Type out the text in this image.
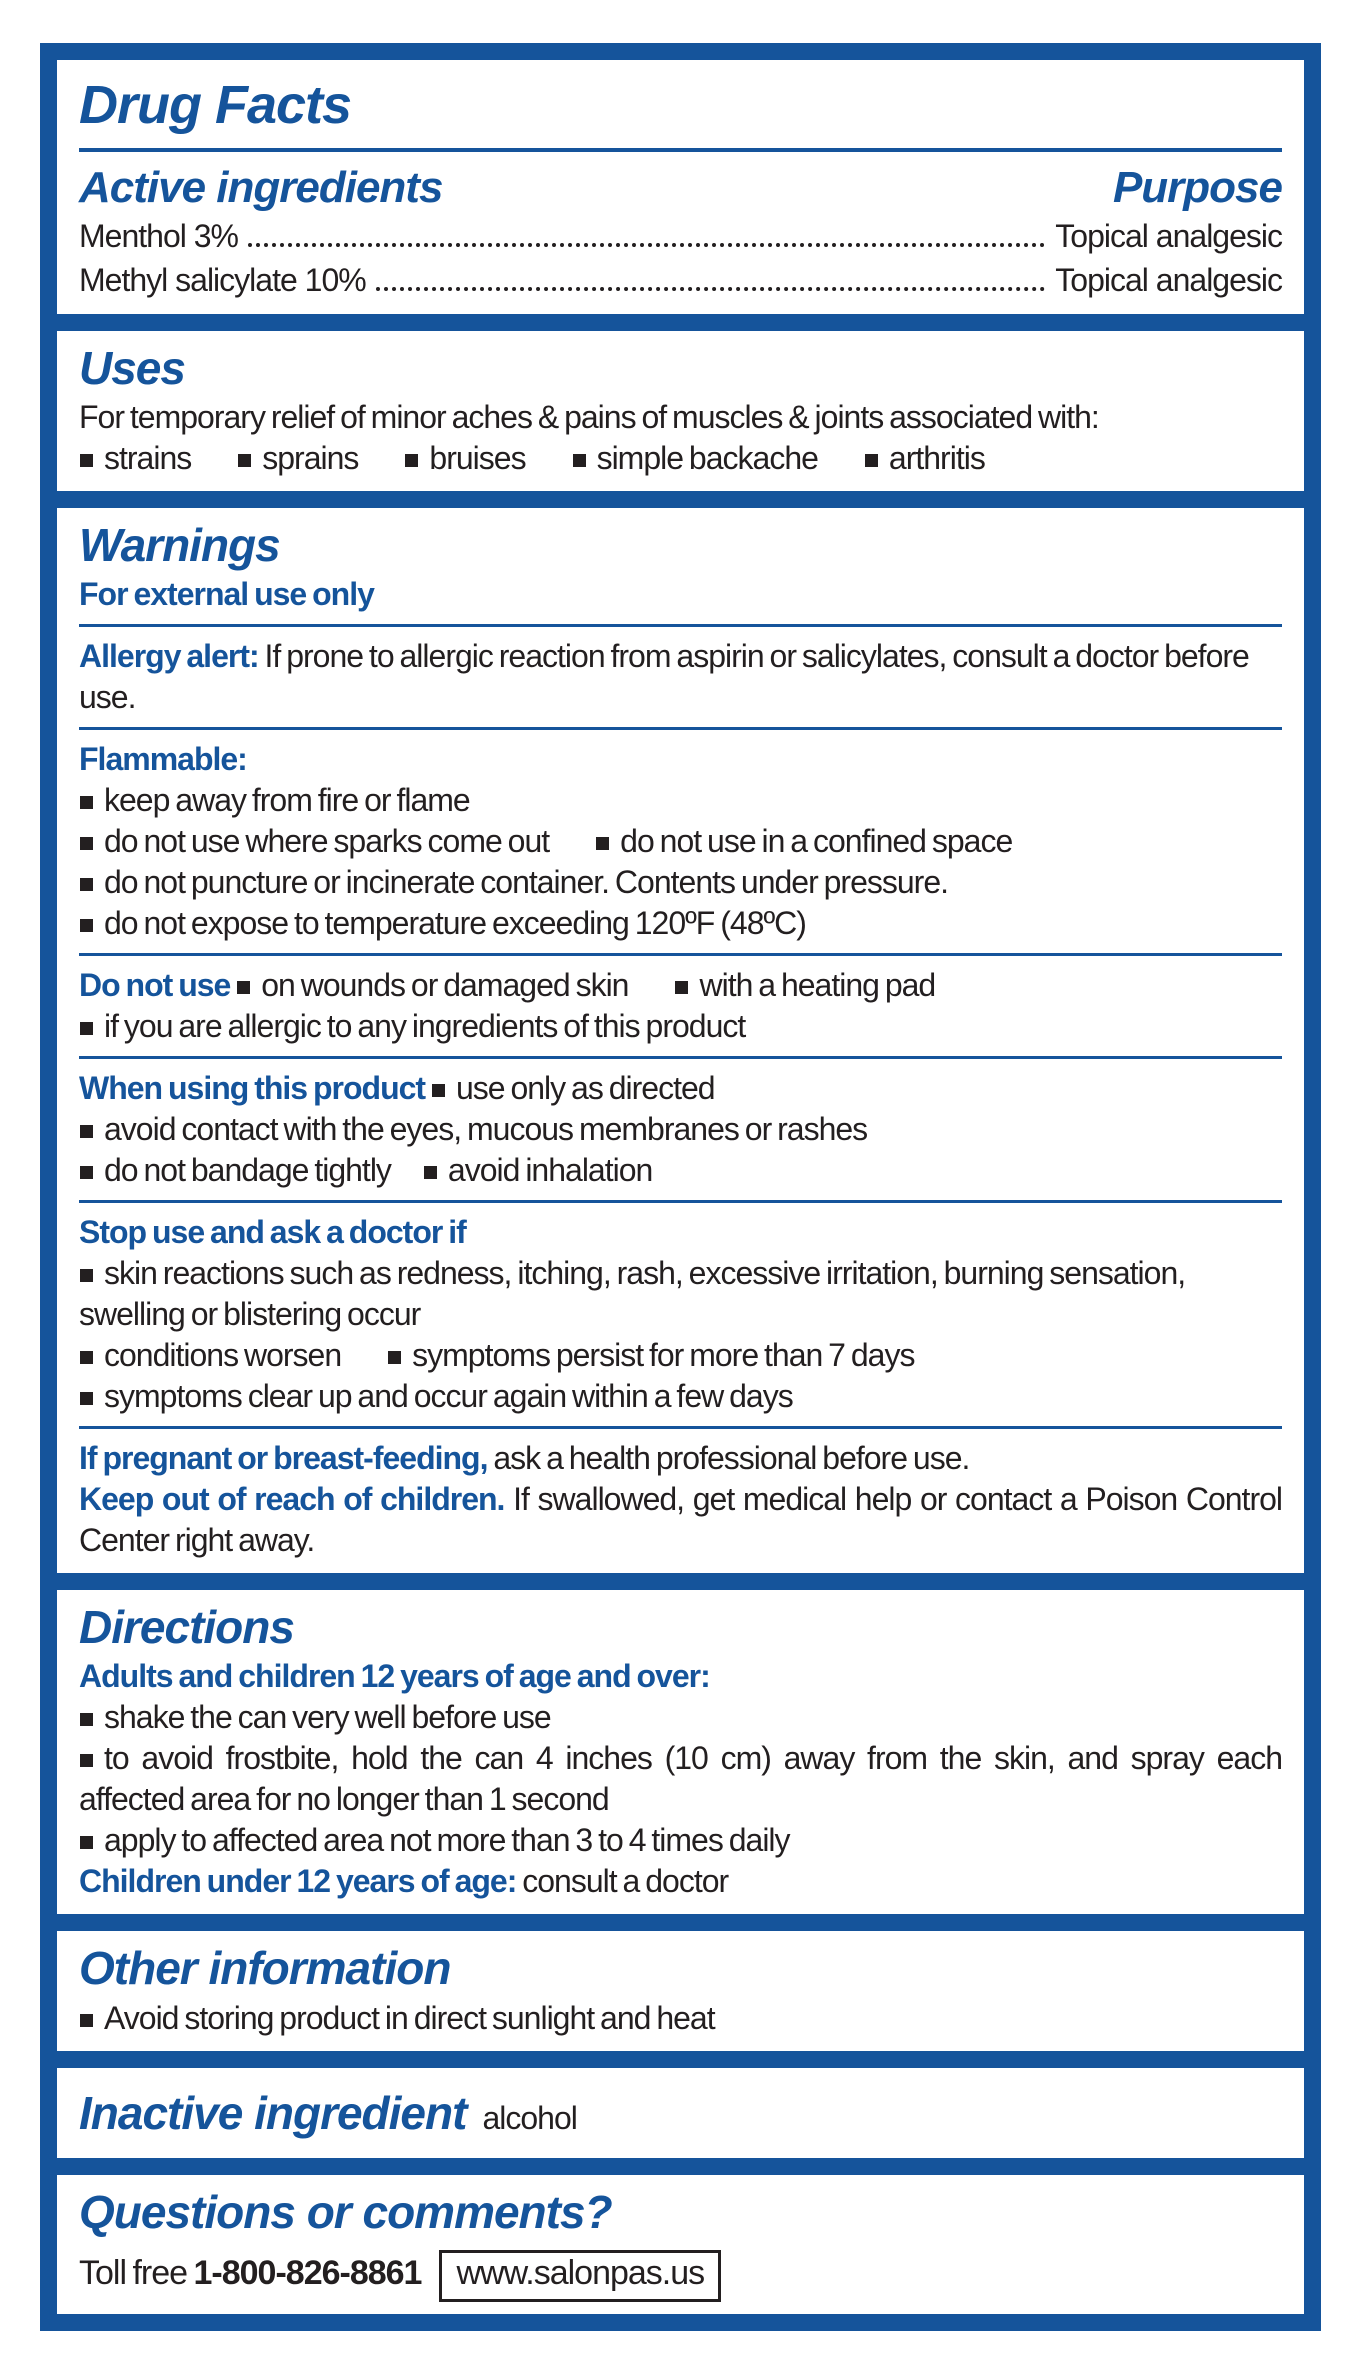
Drug Facts
Active ingredients	Purpose
Menthol 3%	Topical analgesic
Methyl salicylate 10%	Topical analgesic
Uses

For temporary relief of minor aches & pains of muscles & joints associated with:

strains sprains bruises simple backache arthritis

Warnings

For external use only

Allergy alert: If prone to allergic reaction from aspirin or salicylates, consult a doctor before use.

Flammable:

keep away from fire or flame

do not use where sparks come out do not use in a confined space

do not puncture or incinerate container. Contents under pressure.

do not expose to temperature exceeding 120ºF (48ºC)

Do not use on wounds or damaged skin with a heating pad

if you are allergic to any ingredients of this product

When using this product use only as directed

avoid contact with the eyes, mucous membranes or rashes

do not bandage tightly avoid inhalation

Stop use and ask a doctor if

skin reactions such as redness, itching, rash, excessive irritation, burning sensation, swelling or blistering occur

conditions worsen symptoms persist for more than 7 days

symptoms clear up and occur again within a few days

If pregnant or breast-feeding, ask a health professional before use.

Keep out of reach of children. If swallowed, get medical help or contact a Poison Control Center right away.

Directions

Adults and children 12 years of age and over:

shake the can very well before use

to avoid frostbite, hold the can 4 inches (10 cm) away from the skin, and spray each affected area for no longer than 1 second

apply to affected area not more than 3 to 4 times daily

Children under 12 years of age: consult a doctor

Other information

Avoid storing product in direct sunlight and heat

Inactive ingredient alcohol
Questions or comments?

Toll free 1-800-826-8861 www.salonpas.us
